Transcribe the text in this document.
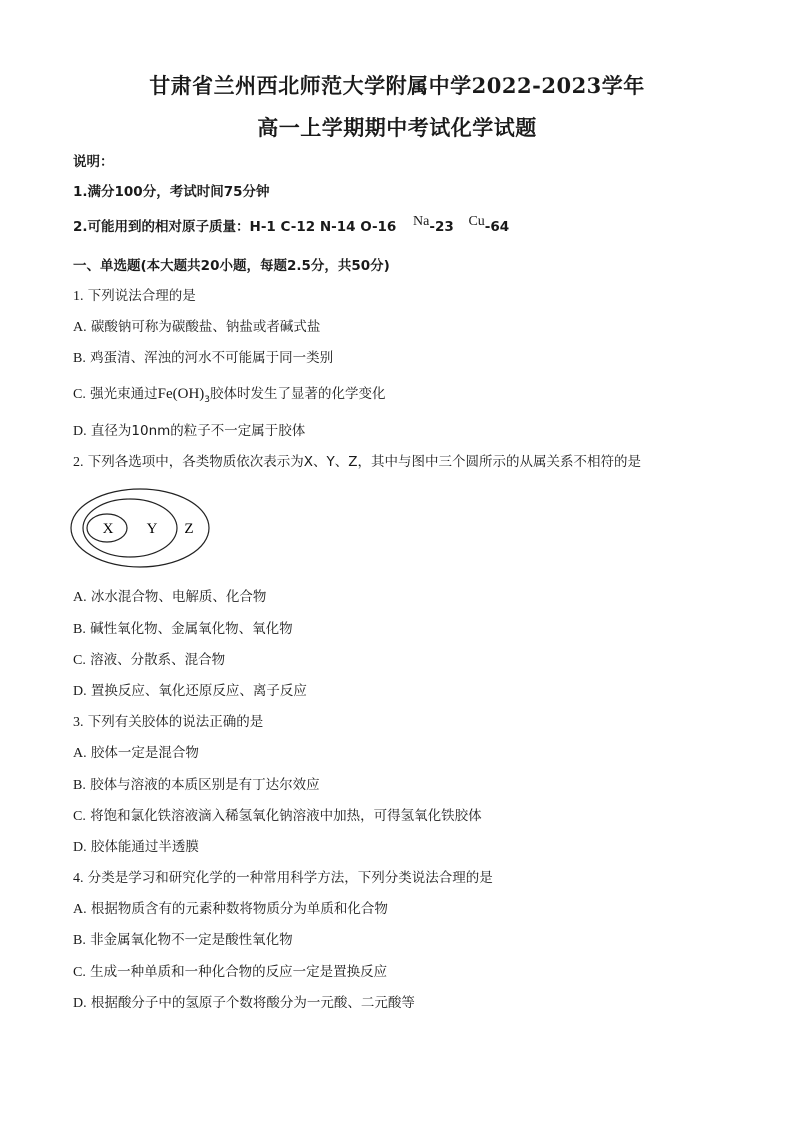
甘肃省兰州西北师范大学附属中学2022-2023学年
高一上学期期中考试化学试题
说明：
1.满分100分，考试时间75分钟
2.可能用到的相对原子质量：H-1 C-12 N-14 O-16 Na-23 Cu-64
一、单选题(本大题共20小题，每题2.5分，共50分)
1. 下列说法合理的是
A. 碳酸钠可称为碳酸盐、钠盐或者碱式盐
B. 鸡蛋清、浑浊的河水不可能属于同一类别
C. 强光束通过$Fe(OH)_3$胶体时发生了显著的化学变化
D. 直径为10nm的粒子不一定属于胶体
2. 下列各选项中，各类物质依次表示为X、Y、Z，其中与图中三个圆所示的从属关系不相符的是
X Y Z
A. 冰水混合物、电解质、化合物
B. 碱性氧化物、金属氧化物、氧化物
C. 溶液、分散系、混合物
D. 置换反应、氧化还原反应、离子反应
3. 下列有关胶体的说法正确的是
A. 胶体一定是混合物
B. 胶体与溶液的本质区别是有丁达尔效应
C. 将饱和氯化铁溶液滴入稀氢氧化钠溶液中加热，可得氢氧化铁胶体
D. 胶体能通过半透膜
4. 分类是学习和研究化学的一种常用科学方法，下列分类说法合理的是
A. 根据物质含有的元素种数将物质分为单质和化合物
B. 非金属氧化物不一定是酸性氧化物
C. 生成一种单质和一种化合物的反应一定是置换反应
D. 根据酸分子中的氢原子个数将酸分为一元酸、二元酸等
